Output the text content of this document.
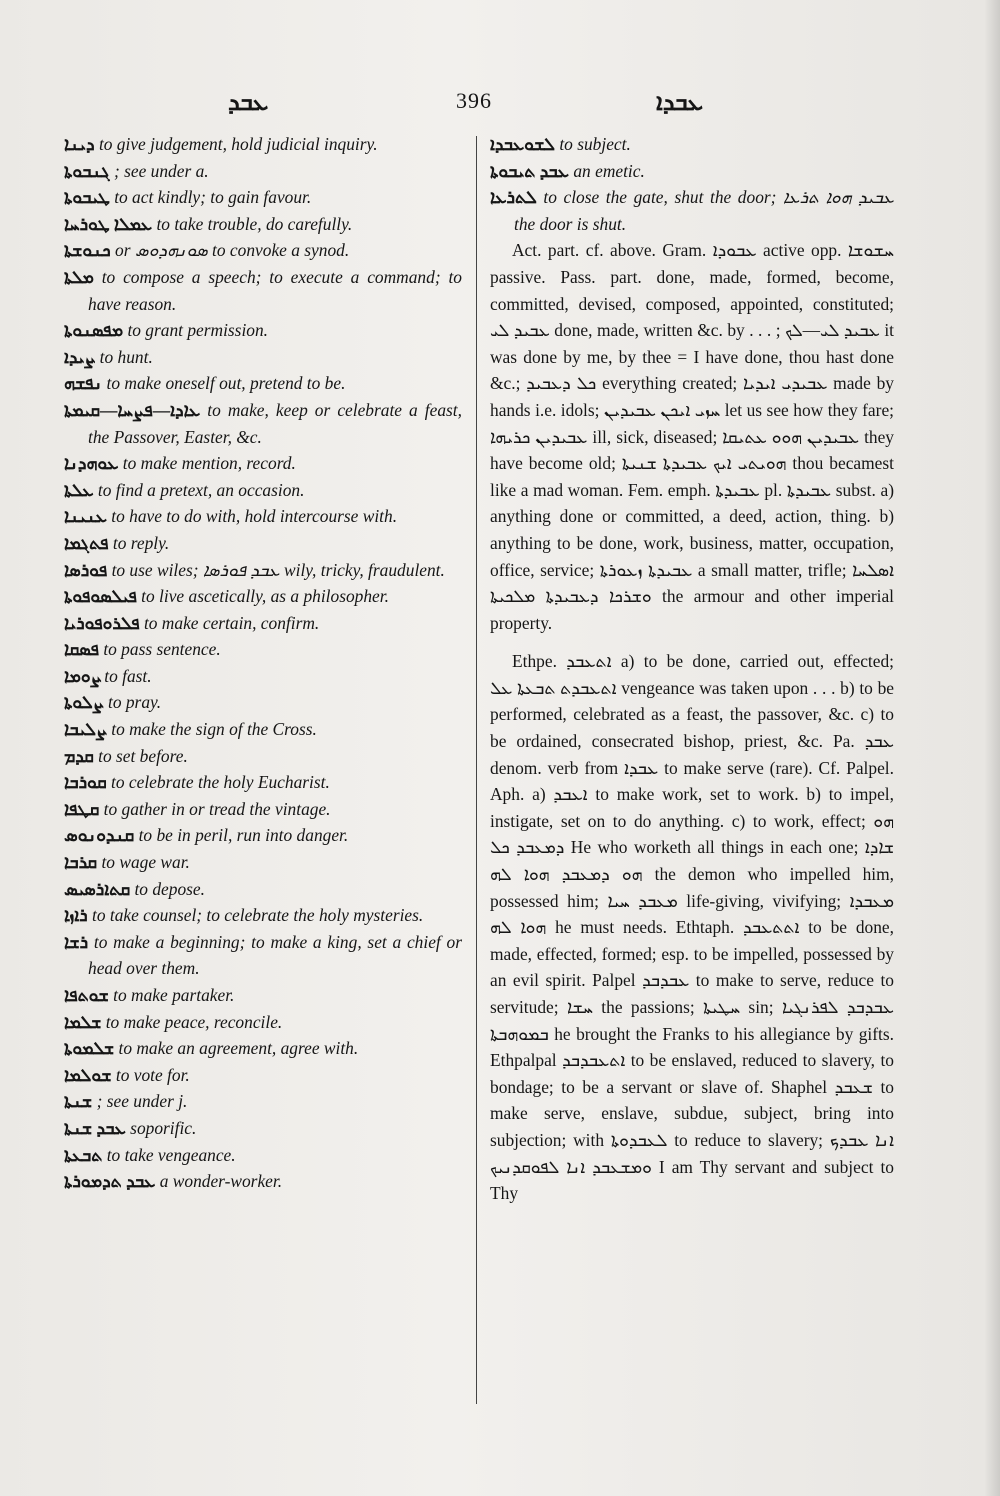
ܥܒܕ	396	ܥܒܕܐ

ܕܝܢܐ to give judgement, hold judicial inquiry.

ܓܢܒܘܬܐ ; see under a.

ܛܝܒܘܬܐ to act kindly; to gain favour.

ܥܡܠܐ ܛܘܪܚܐ to take trouble, do carefully.

ܟܢܘܫܬܐ or ܣܘܢܗܕܘܣ to convoke a synod.

ܡܠܬܐ to compose a speech; to execute a command; to have reason.

ܡܦܣܢܘܬܐ to grant permission.

ܨܝܕܐ to hunt.

ܢܦܫܗ to make oneself out, pretend to be.

ܥܐܕܐ—ܦܨܚܐ—ܩܝܡܬܐ to make, keep or celebrate a feast, the Passover, Easter, &c.

ܥܘܗܕܢܐ to make mention, record.

ܥܠܬܐ to find a pretext, an occasion.

ܥܢܝܢܐ to have to do with, hold intercourse with.

ܦܬܓܡܐ to reply.

ܦܘܪܣܐ to use wiles; ܥܒܕ ܦܘܪܣܐ wily, tricky, fraudulent.

ܦܝܠܣܘܦܘܬܐ to live ascetically, as a philosopher.

ܦܠܪܘܦܘܪܝܐ to make certain, confirm.

ܦܣܩܐ to pass sentence.

ܨܘܡܐ to fast.

ܨܠܘܬܐ to pray.

ܨܠܝܒܐ to make the sign of the Cross.

ܩܕܡ to set before.

ܩܘܪܒܐ to celebrate the holy Eucharist.

ܩܛܦܐ to gather in or tread the vintage.

ܩܢܕܘܢܘܣ to be in peril, run into danger.

ܩܪܒܐ to wage war.

ܩܬܐܪܣܝܣ to depose.

ܪܐܙܐ to take counsel; to celebrate the holy mysteries.

ܪܫܐ to make a beginning; to make a king, set a chief or head over them.

ܫܘܬܦܐ to make partaker.

ܫܠܡܐ to make peace, reconcile.

ܫܠܡܘܬܐ to make an agreement, agree with.

ܫܘܠܡܐ to vote for.

ܫܢܬܐ ; see under j.

ܥܒܕ ܫܢܬܐ soporific.

ܬܒܥܬܐ to take vengeance.

ܥܒܕ ܬܕܡܘܪܬܐ a wonder-worker.

ܠܫܘܥܒܕܐ to subject.

ܥܒܕ ܬܝܒܘܬܐ an emetic.

ܠܬܪܥܐ to close the gate, shut the door; ܥܒܝܕ ܗܘܐ ܬܪܥܐ the door is shut.

Act. part. cf. above. Gram. ܥܒܘܕܐ active opp. ܚܫܘܫܐ passive. Pass. part. done, made, formed, become, committed, devised, composed, appointed, constituted; ܥܒܝܕ ܠܝ done, made, written &c. by . . . ; ܥܒܝܕ ܠܝ—ܠܟ it was done by me, by thee = I have done, thou hast done &c.; ܟܠ ܕܥܒܝܕ everything created; ܥܒܝܕܝ ܐܝܕܝܐ made by hands i.e. idols; ܚܙܝ ܐܝܟܢ ܥܒܝܕܝܢ let us see how they fare; ܥܒܝܕܝܢ ܟܪܝܗܐ ill, sick, diseased; ܥܒܝܕܝܢ ܗܘܘ ܥܬܝܩܐ they have become old; ܗܘܝܬܝ ܐܝܟ ܥܒܝܕܬܐ ܫܢܝܬܐ thou becamest like a mad woman. Fem. emph. ܥܒܝܕܬܐ pl. ܥܒܝܕܬܐ subst. a) anything done or committed, a deed, action, thing. b) anything to be done, work, business, matter, occupation, office, service; ܥܒܝܕܬܐ ܙܥܘܪܬܐ a small matter, trifle; ܐܣܠܚܐ ܘܫܪܟܐ ܕܥܒܝܕܬܐ ܡܠܟܝܬܐ the armour and other imperial property.

Ethpe. ܐܬܥܒܕ a) to be done, carried out, effected; ܐܬܥܒܕܬ ܬܒܥܬܐ ܥܠ vengeance was taken upon . . . b) to be performed, celebrated as a feast, the passover, &c. c) to be ordained, consecrated bishop, priest, &c. Pa. ܥܒܕ denom. verb from ܥܒܕܐ to make serve (rare). Cf. Palpel. Aph. a) ܐܥܒܕ to make work, set to work. b) to impel, instigate, set on to do anything. c) to work, effect; ܗܘ ܕܡܥܒܕ ܟܠ He who worketh all things in each one; ܫܐܕܐ ܗܘ ܕܡܥܒܕ ܗܘܐ ܠܗ the demon who impelled him, possessed him; ܡܥܒܕ ܚܝܐ life-giving, vivifying; ܡܥܒܕܐ ܗܘܐ ܠܗ he must needs. Ethtaph. ܐܬܬܥܒܕ to be done, made, effected, formed; esp. to be impelled, possessed by an evil spirit. Palpel ܥܒܕܒܕ to make to serve, reduce to servitude; ܚܫܐ the passions; ܚܛܝܬܐ sin; ܥܒܕܒܕ ܠܦܪܢܓܝܐ ܒܡܘܗܒܬܐ he brought the Franks to his allegiance by gifts. Ethpalpal ܐܬܥܒܕܒܕ to be enslaved, reduced to slavery, to bondage; to be a servant or slave of. Shaphel ܫܥܒܕ to make serve, enslave, subdue, subject, bring into subjection; with ܠܥܒܕܘܬܐ to reduce to slavery; ܐܢܐ ܥܒܕܟ ܘܡܫܥܒܕ ܐܢܐ ܠܦܘܩܕܢܝܟ I am Thy servant and subject to Thy
